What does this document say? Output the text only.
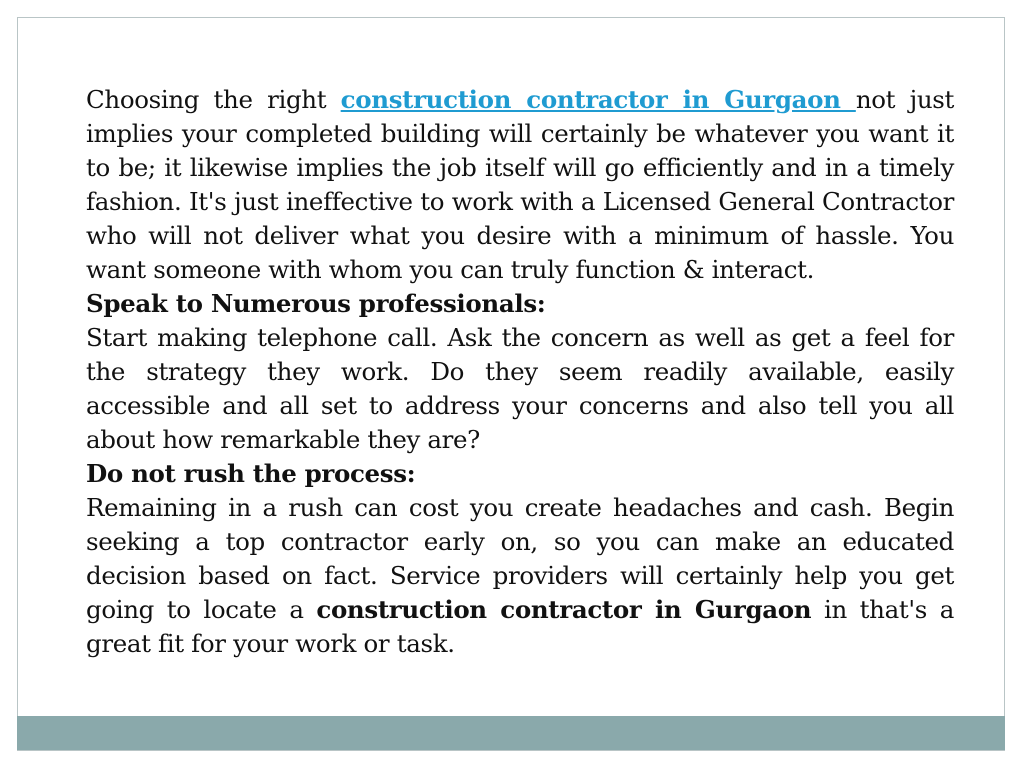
Choosing the right construction contractor in Gurgaon not just implies your completed building will certainly be whatever you want it to be; it likewise implies the job itself will go efficiently and in a timely fashion. It's just ineffective to work with a Licensed General Contractor who will not deliver what you desire with a minimum of hassle. You want someone with whom you can truly function & interact.

Speak to Numerous professionals:

Start making telephone call. Ask the concern as well as get a feel for the strategy they work. Do they seem readily available, easily accessible and all set to address your concerns and also tell you all about how remarkable they are?

Do not rush the process:

Remaining in a rush can cost you create headaches and cash. Begin seeking a top contractor early on, so you can make an educated decision based on fact. Service providers will certainly help you get going to locate a construction contractor in Gurgaon in that's a great fit for your work or task.
